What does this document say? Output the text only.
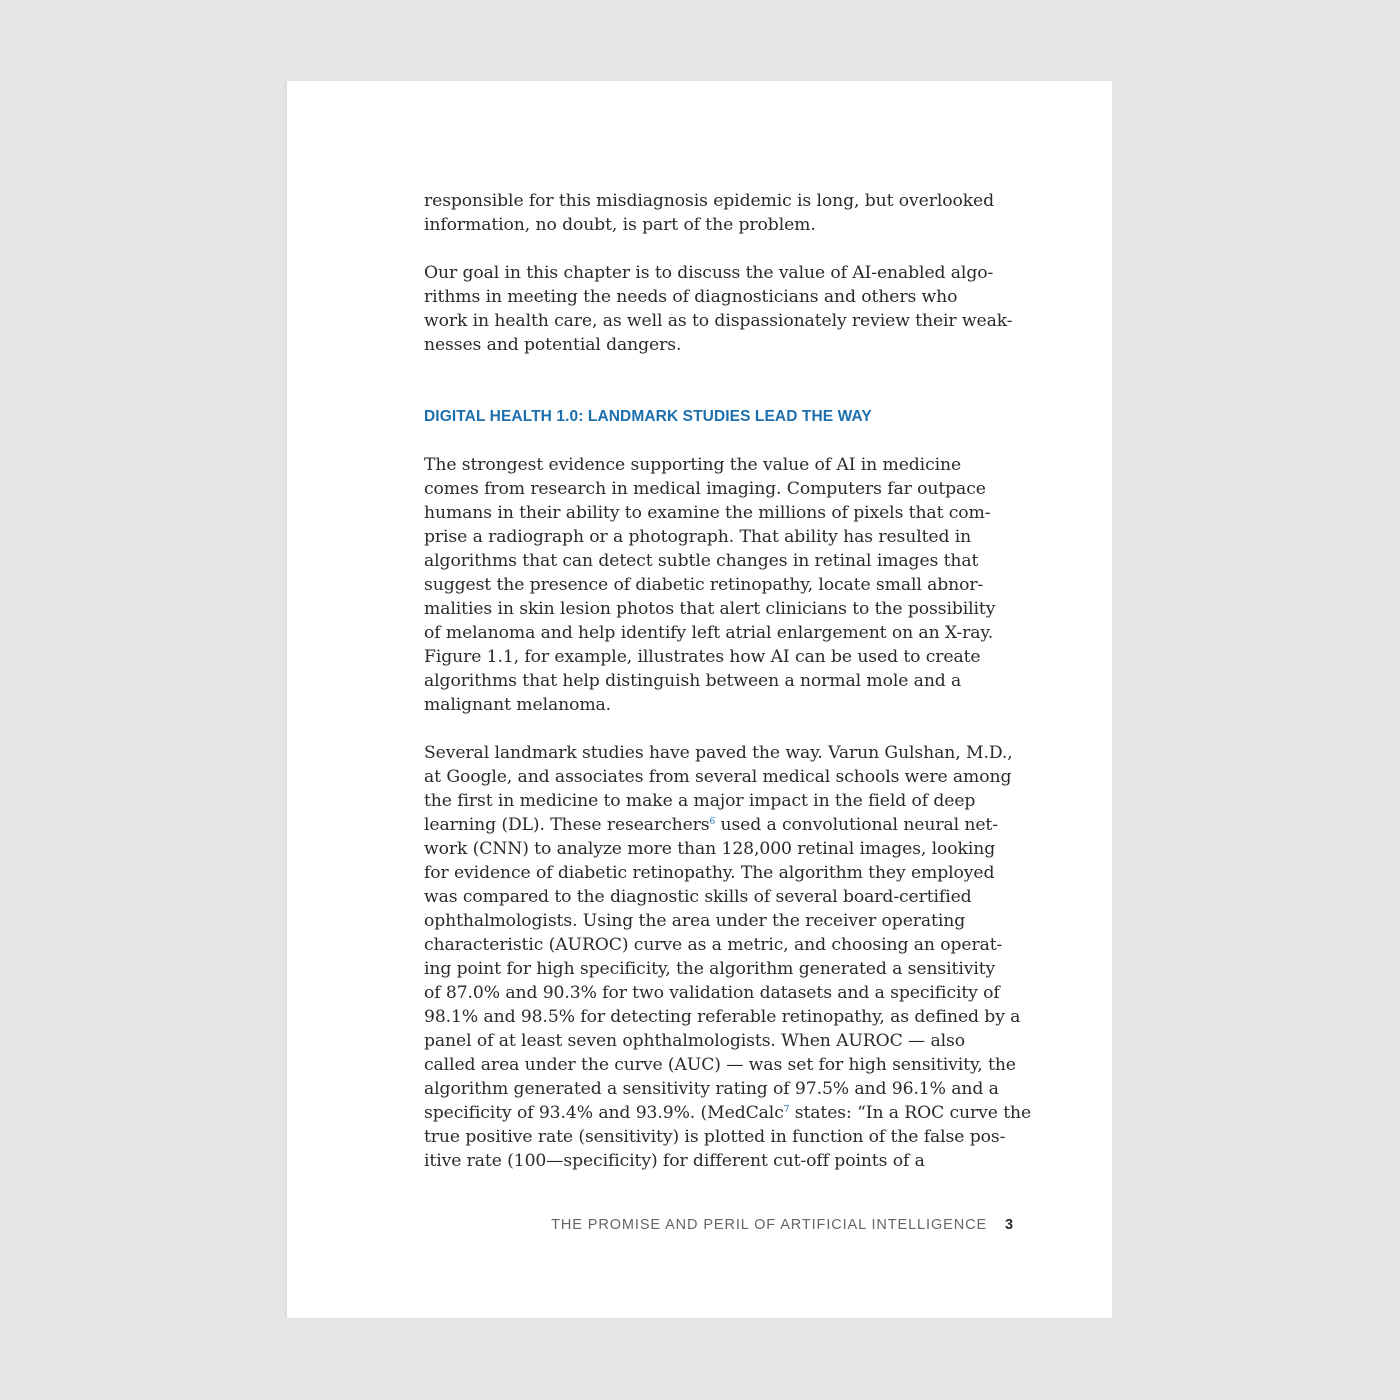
responsible for this misdiagnosis epidemic is long, but overlooked
information, no doubt, is part of the problem.

Our goal in this chapter is to discuss the value of AI-enabled algo-
rithms in meeting the needs of diagnosticians and others who
work in health care, as well as to dispassionately review their weak-
nesses and potential dangers.

DIGITAL HEALTH 1.0: LANDMARK STUDIES LEAD THE WAY

The strongest evidence supporting the value of AI in medicine
comes from research in medical imaging. Computers far outpace
humans in their ability to examine the millions of pixels that com-
prise a radiograph or a photograph. That ability has resulted in
algorithms that can detect subtle changes in retinal images that
suggest the presence of diabetic retinopathy, locate small abnor-
malities in skin lesion photos that alert clinicians to the possibility
of melanoma and help identify left atrial enlargement on an X-ray.
Figure 1.1, for example, illustrates how AI can be used to create
algorithms that help distinguish between a normal mole and a
malignant melanoma.

Several landmark studies have paved the way. Varun Gulshan, M.D.,
at Google, and associates from several medical schools were among
the first in medicine to make a major impact in the field of deep
learning (DL). These researchers$^6$ used a convolutional neural net-
work (CNN) to analyze more than 128,000 retinal images, looking
for evidence of diabetic retinopathy. The algorithm they employed
was compared to the diagnostic skills of several board-certified
ophthalmologists. Using the area under the receiver operating
characteristic (AUROC) curve as a metric, and choosing an operat-
ing point for high specificity, the algorithm generated a sensitivity
of 87.0% and 90.3% for two validation datasets and a specificity of
98.1% and 98.5% for detecting referable retinopathy, as defined by a
panel of at least seven ophthalmologists. When AUROC — also
called area under the curve (AUC) — was set for high sensitivity, the
algorithm generated a sensitivity rating of 97.5% and 96.1% and a
specificity of 93.4% and 93.9%. (MedCalc$^7$ states: “In a ROC curve the
true positive rate (sensitivity) is plotted in function of the false pos-
itive rate (100—specificity) for different cut-off points of a

THE PROMISE AND PERIL OF ARTIFICIAL INTELLIGENCE 3
